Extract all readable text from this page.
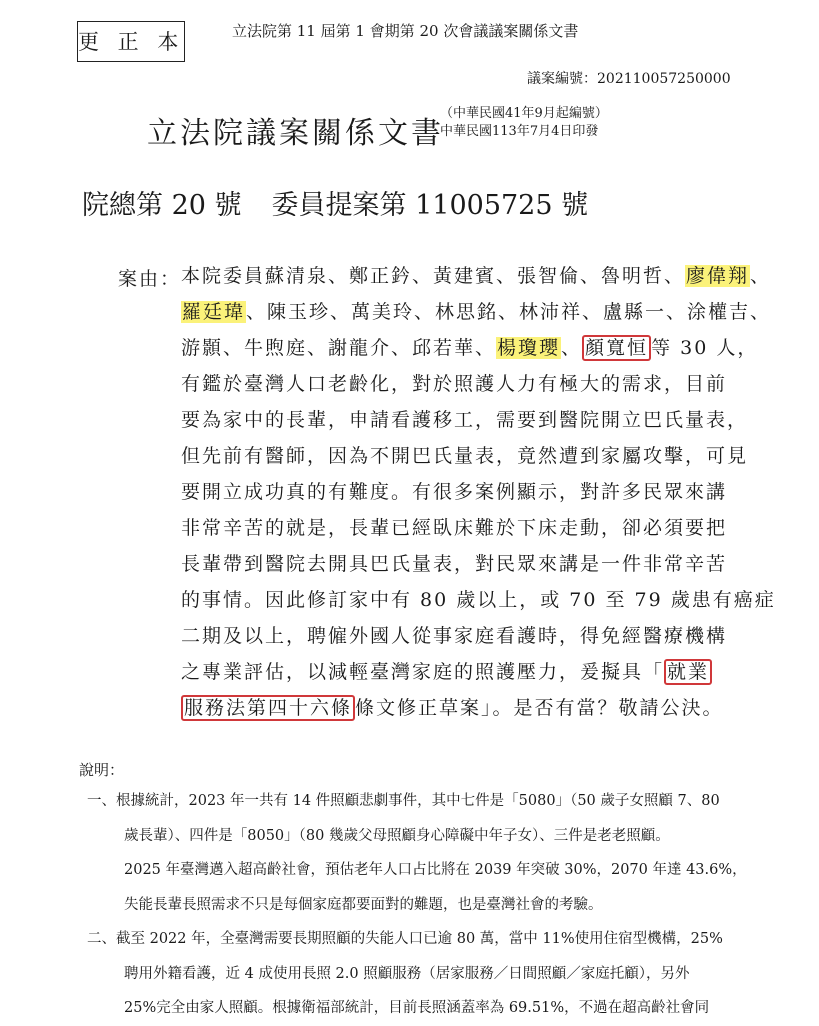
更 正 本	立法院第 11 屆第 1 會期第 20 次會議議案關係文書
議案編號：202110057250000
立法院議案關係文書
（中華民國41年9月起編號）
中華民國113年7月4日印發
院總第 20 號 委員提案第 11005725 號
案由： 本院委員蘇清泉、鄭正鈐、黃建賓、張智倫、魯明哲、廖偉翔、
羅廷瑋、陳玉珍、萬美玲、林思銘、林沛祥、盧縣一、涂權吉、
游顥、牛煦庭、謝龍介、邱若華、楊瓊瓔、 顏寬恒 等 30 人，
有鑑於臺灣人口老齡化，對於照護人力有極大的需求，目前
要為家中的長輩，申請看護移工，需要到醫院開立巴氏量表，
但先前有醫師，因為不開巴氏量表，竟然遭到家屬攻擊，可見
要開立成功真的有難度。有很多案例顯示，對許多民眾來講
非常辛苦的就是，長輩已經臥床難於下床走動，卻必須要把
長輩帶到醫院去開具巴氏量表，對民眾來講是一件非常辛苦
的事情。因此修訂家中有 80 歲以上，或 70 至 79 歲患有癌症
二期及以上，聘僱外國人從事家庭看護時，得免經醫療機構
之專業評估，以減輕臺灣家庭的照護壓力，爰擬具「 就業
服務法第四十六條 條文修正草案」。是否有當？敬請公決。
說明：
一、根據統計，2023 年一共有 14 件照顧悲劇事件，其中七件是「5080」（50 歲子女照顧 7、80
歲長輩）、四件是「8050」（80 幾歲父母照顧身心障礙中年子女）、三件是老老照顧。
2025 年臺灣邁入超高齡社會，預估老年人口占比將在 2039 年突破 30%，2070 年達 43.6%，
失能長輩長照需求不只是每個家庭都要面對的難題，也是臺灣社會的考驗。
二、截至 2022 年，全臺灣需要長期照顧的失能人口已逾 80 萬，當中 11%使用住宿型機構，25%
聘用外籍看護，近 4 成使用長照 2.0 照顧服務（居家服務／日間照顧／家庭托顧），另外
25%完全由家人照顧。根據衛福部統計，目前長照涵蓋率為 69.51%，不過在超高齡社會同
